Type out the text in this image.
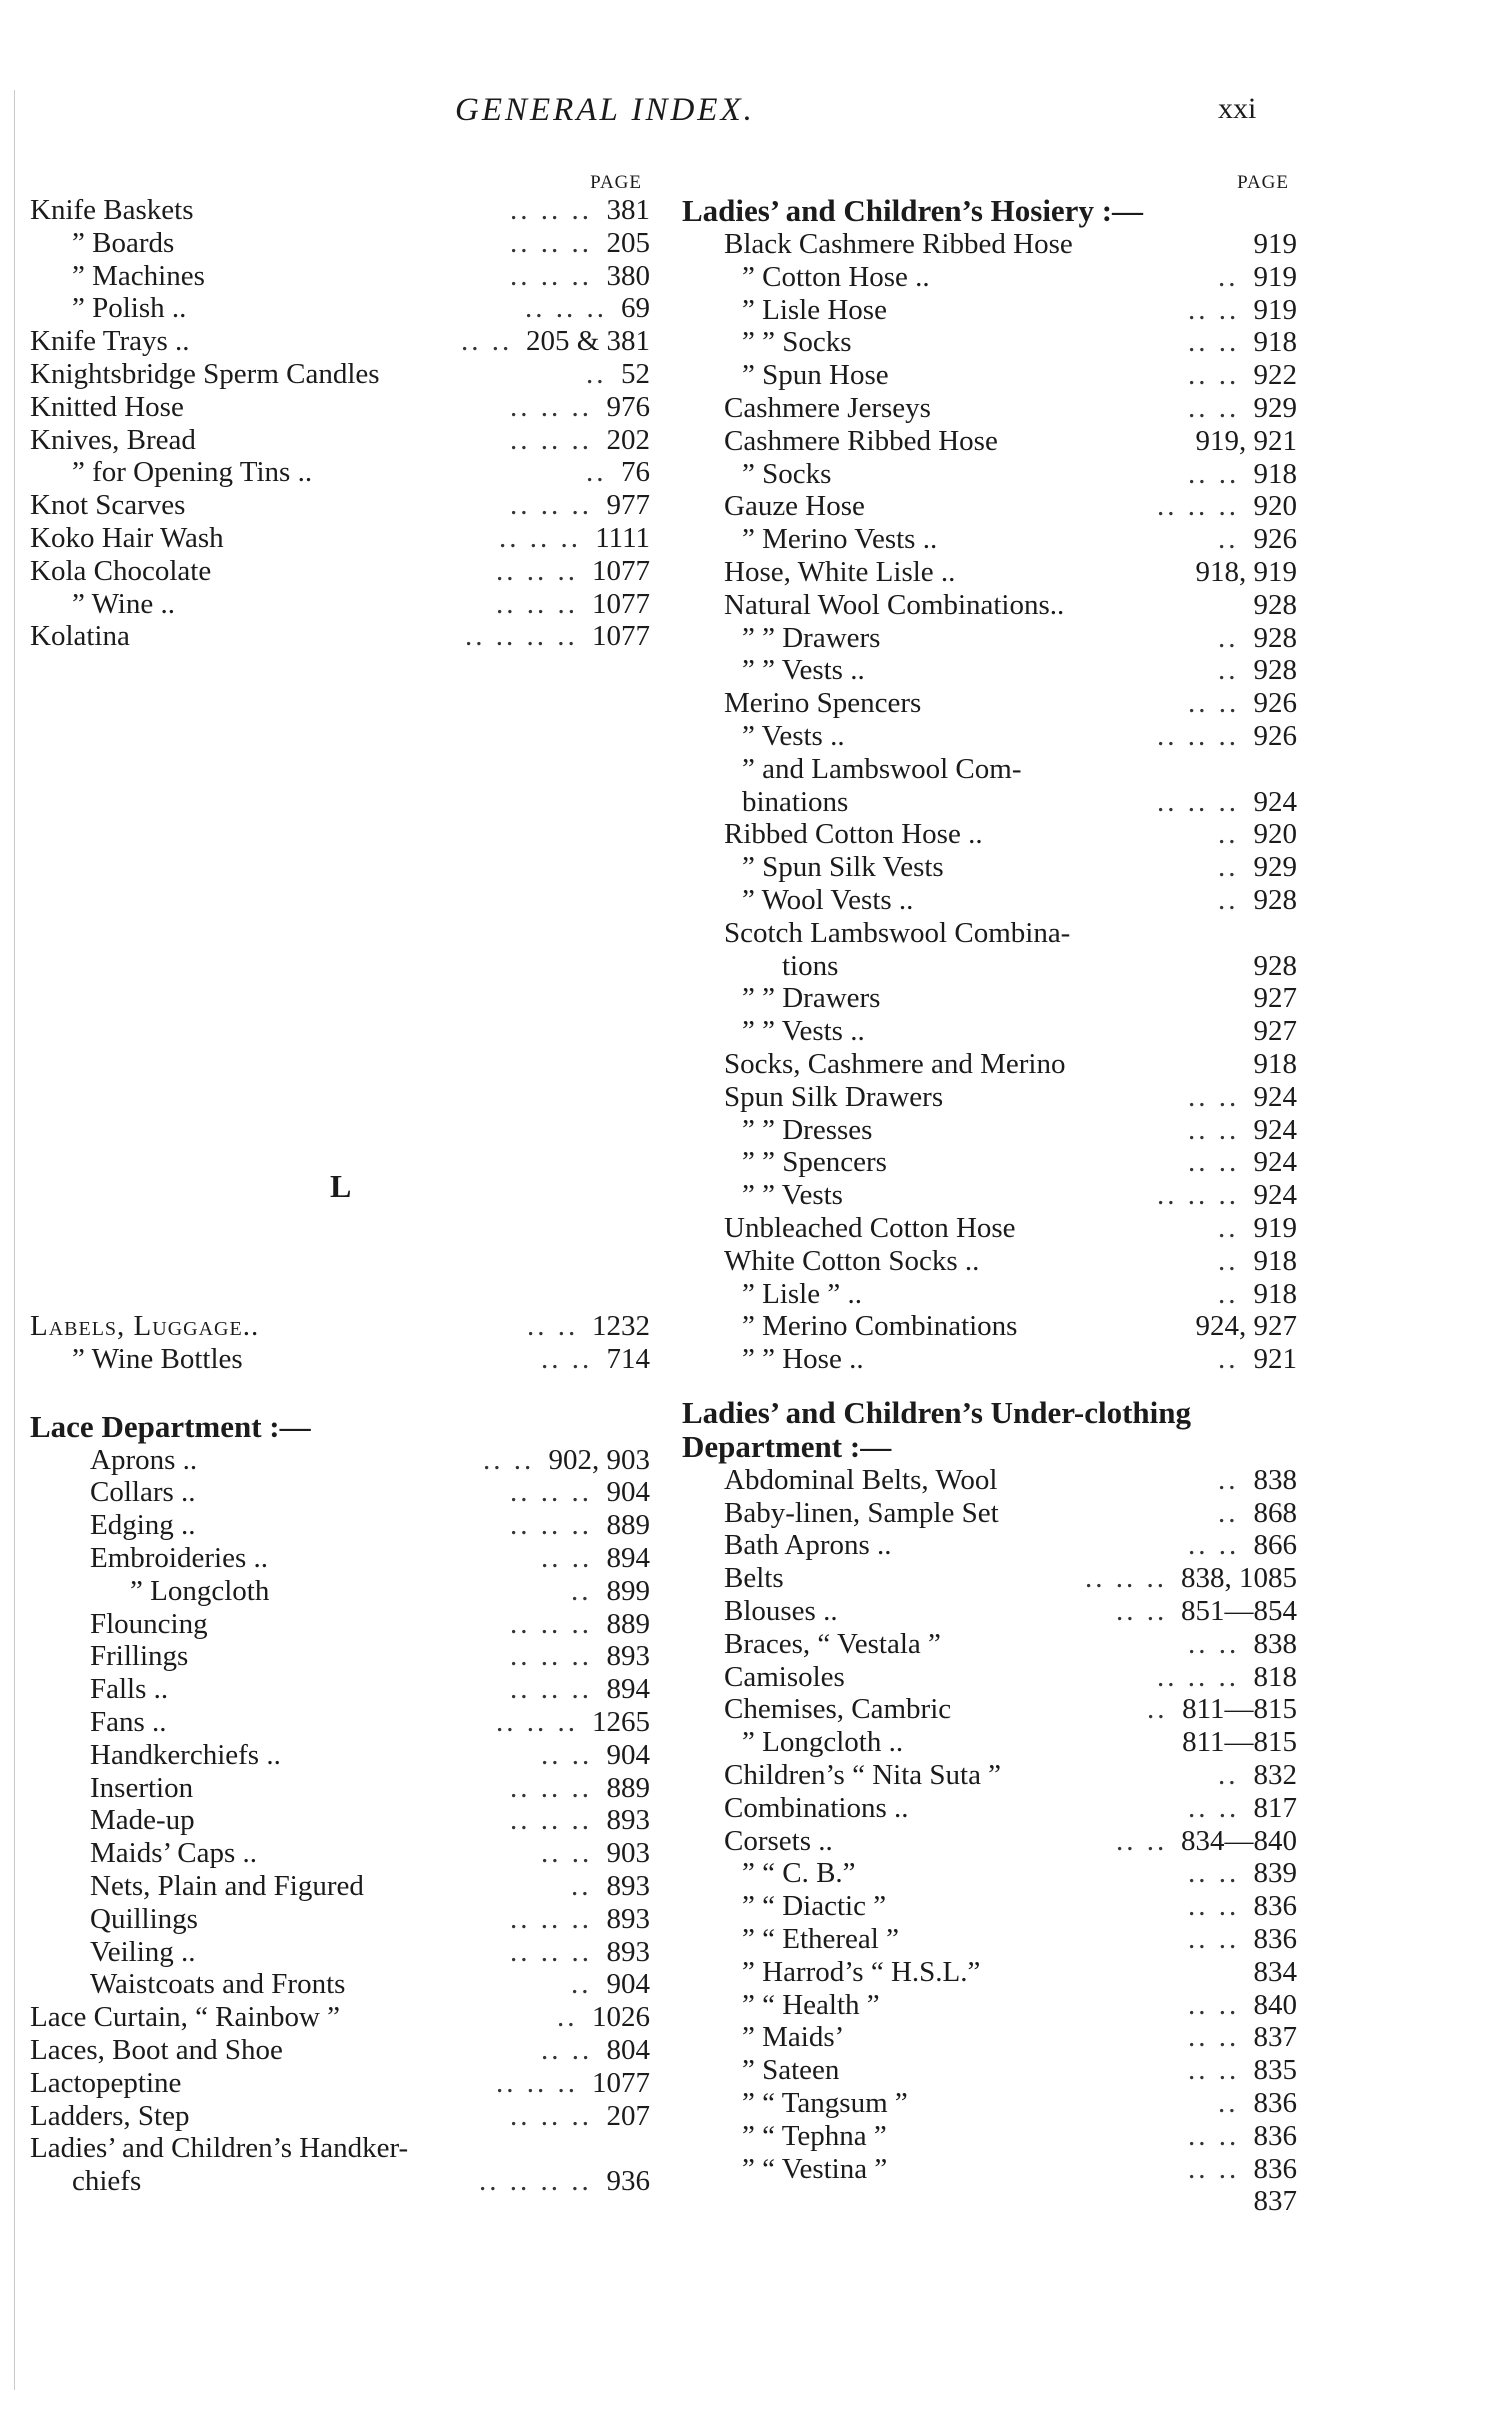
GENERAL INDEX.	xxi
PAGE
Knife Baskets	.. .. .. 381
” Boards	.. .. .. 205
” Machines	.. .. .. 380
” Polish ..	.. .. .. 69
Knife Trays ..	.. .. 205 & 381
Knightsbridge Sperm Candles	.. 52
Knitted Hose	.. .. .. 976
Knives, Bread	.. .. .. 202
” for Opening Tins ..	.. 76
Knot Scarves	.. .. .. 977
Koko Hair Wash	.. .. .. 1111
Kola Chocolate	.. .. .. 1077
” Wine ..	.. .. .. 1077
Kolatina	.. .. .. .. 1077
L
Labels, Luggage..	.. .. 1232
” Wine Bottles	.. .. 714
Lace Department :—
Aprons ..	.. .. 902, 903
Collars ..	.. .. .. 904
Edging ..	.. .. .. 889
Embroideries ..	.. .. 894
” Longcloth	.. 899
Flouncing	.. .. .. 889
Frillings	.. .. .. 893
Falls ..	.. .. .. 894
Fans ..	.. .. .. 1265
Handkerchiefs ..	.. .. 904
Insertion	.. .. .. 889
Made-up	.. .. .. 893
Maids’ Caps ..	.. .. 903
Nets, Plain and Figured	.. 893
Quillings	.. .. .. 893
Veiling ..	.. .. .. 893
Waistcoats and Fronts	.. 904
Lace Curtain, “ Rainbow ”	.. 1026
Laces, Boot and Shoe	.. .. 804
Lactopeptine	.. .. .. 1077
Ladders, Step	.. .. .. 207
Ladies’ and Children’s Handker-
chiefs	.. .. .. .. 936
PAGE
Ladies’ and Children’s Hosiery :—
Black Cashmere Ribbed Hose	919
” Cotton Hose ..	.. 919
” Lisle Hose	.. .. 919
” ” Socks	.. .. 918
” Spun Hose	.. .. 922
Cashmere Jerseys	.. .. 929
Cashmere Ribbed Hose	919, 921
” Socks	.. .. 918
Gauze Hose	.. .. .. 920
” Merino Vests ..	.. 926
Hose, White Lisle ..	918, 919
Natural Wool Combinations..	928
” ” Drawers	.. 928
” ” Vests ..	.. 928
Merino Spencers	.. .. 926
” Vests ..	.. .. .. 926
” and Lambswool Com-
binations	.. .. .. 924
Ribbed Cotton Hose ..	.. 920
” Spun Silk Vests	.. 929
” Wool Vests ..	.. 928
Scotch Lambswool Combina-
tions	928
” ” Drawers	927
” ” Vests ..	927
Socks, Cashmere and Merino	918
Spun Silk Drawers	.. .. 924
” ” Dresses	.. .. 924
” ” Spencers	.. .. 924
” ” Vests	.. .. .. 924
Unbleached Cotton Hose	.. 919
White Cotton Socks ..	.. 918
” Lisle ” ..	.. 918
” Merino Combinations	924, 927
” ” Hose ..	.. 921
Ladies’ and Children’s Under-clothing Department :—
Abdominal Belts, Wool	.. 838
Baby-linen, Sample Set	.. 868
Bath Aprons ..	.. .. 866
Belts	.. .. .. 838, 1085
Blouses ..	.. .. 851—854
Braces, “ Vestala ”	.. .. 838
Camisoles	.. .. .. 818
Chemises, Cambric	.. 811—815
” Longcloth ..	811—815
Children’s “ Nita Suta ”	.. 832
Combinations ..	.. .. 817
Corsets ..	.. .. 834—840
” “ C. B.”	.. .. 839
” “ Diactic ”	.. .. 836
” “ Ethereal ”	.. .. 836
” Harrod’s “ H.S.L.”	834
” “ Health ”	.. .. 840
” Maids’	.. .. 837
” Sateen	.. .. 835
” “ Tangsum ”	.. 836
” “ Tephna ”	.. .. 836
” “ Vestina ”	.. .. 836
837
